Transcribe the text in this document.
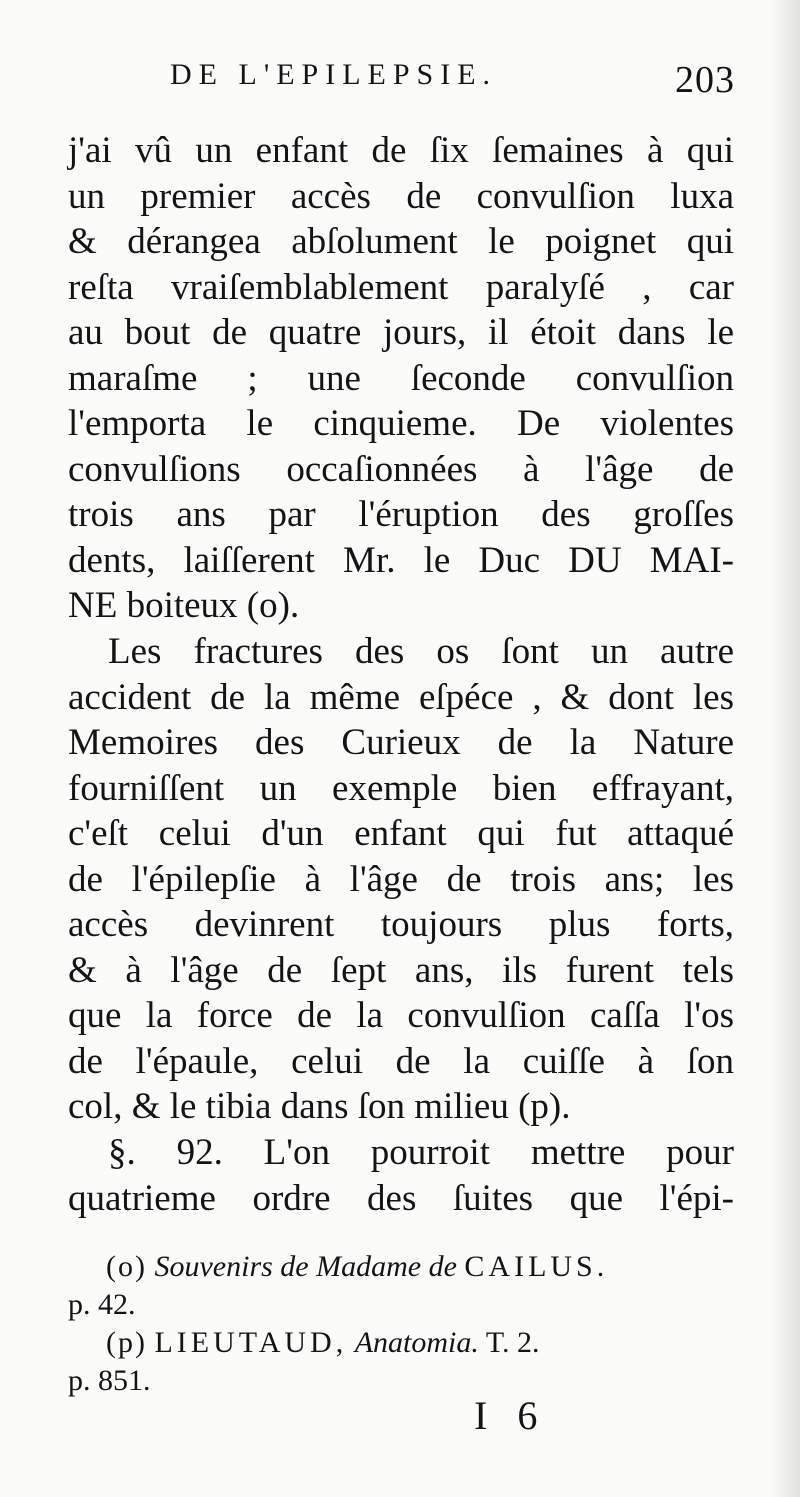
DE L'EPILEPSIE.	203
j'ai vû un enfant de ſix ſemaines à qui
un premier accès de convulſion luxa
& dérangea abſolument le poignet qui
reſta vraiſemblablement paralyſé , car
au bout de quatre jours, il étoit dans le
maraſme ; une ſeconde convulſion
l'emporta le cinquieme. De violentes
convulſions occaſionnées à l'âge de
trois ans par l'éruption des groſſes
dents, laiſſerent Mr. le Duc DU MAI-
NE boiteux (o).
Les fractures des os ſont un autre
accident de la même eſpéce , & dont les
Memoires des Curieux de la Nature
fourniſſent un exemple bien effrayant,
c'eſt celui d'un enfant qui fut attaqué
de l'épilepſie à l'âge de trois ans; les
accès devinrent toujours plus forts,
& à l'âge de ſept ans, ils furent tels
que la force de la convulſion caſſa l'os
de l'épaule, celui de la cuiſſe à ſon
col, & le tibia dans ſon milieu (p).
§. 92. L'on pourroit mettre pour
quatrieme ordre des ſuites que l'épi-
(o) Souvenirs de Madame de CAILUS.
p. 42.
(p) LIEUTAUD, Anatomia. T. 2.
p. 851.
I 6
